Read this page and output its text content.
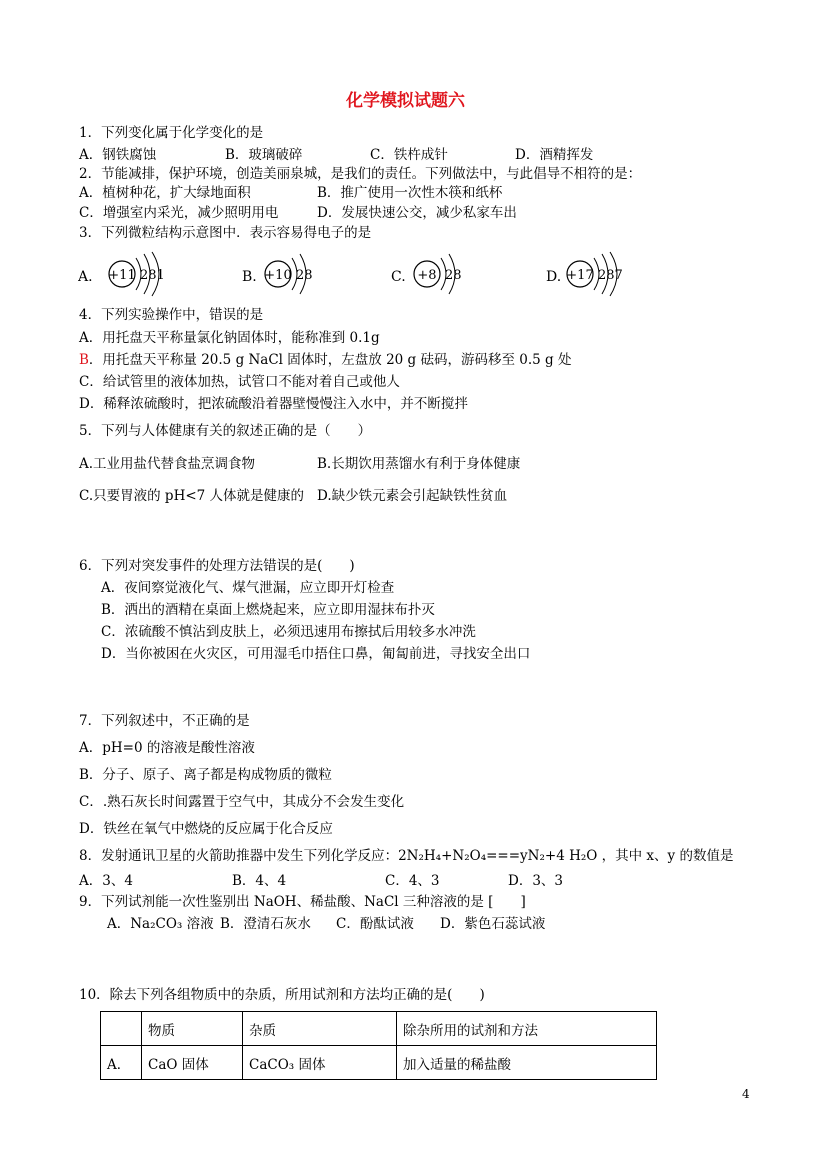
化学模拟试题六
1．下列变化属于化学变化的是
A．钢铁腐蚀	B．玻璃破碎	C．铁杵成针	D．酒精挥发
2．节能减排，保护环境，创造美丽泉城，是我们的责任。下列做法中，与此倡导不相符的是：
A．植树种花，扩大绿地面积	B．推广使用一次性木筷和纸杯
C．增强室内采光，减少照明用电	D．发展快速公交，减少私家车出
3．下列微粒结构示意图中．表示容易得电子的是
A. +11 281	B. +10 28	C. +8 28	D. +17 287
4．下列实验操作中，错误的是
A．用托盘天平称量氯化钠固体时，能称准到 0.1g
B．用托盘天平称量 20.5 g NaCl 固体时，左盘放 20 g 砝码，游码移至 0.5 g 处
C．给试管里的液体加热，试管口不能对着自己或他人
D．稀释浓硫酸时，把浓硫酸沿着器壁慢慢注入水中，并不断搅拌
5．下列与人体健康有关的叙述正确的是（　　）
A.工业用盐代替食盐烹调食物	B.长期饮用蒸馏水有利于身体健康
C.只要胃液的 pH<7 人体就是健康的 D.缺少铁元素会引起缺铁性贫血
6．下列对突发事件的处理方法错误的是(　　)
A．夜间察觉液化气、煤气泄漏，应立即开灯检查
B．洒出的酒精在桌面上燃烧起来，应立即用湿抹布扑灭
C．浓硫酸不慎沾到皮肤上，必须迅速用布擦拭后用较多水冲洗
D．当你被困在火灾区，可用湿毛巾捂住口鼻，匍匐前进，寻找安全出口
7．下列叙述中，不正确的是
A．pH=0 的溶液是酸性溶液
B．分子、原子、离子都是构成物质的微粒
C．.熟石灰长时间露置于空气中，其成分不会发生变化
D．铁丝在氧气中燃烧的反应属于化合反应
8．发射通讯卫星的火箭助推器中发生下列化学反应：2N₂H₄+N₂O₄===yN₂+4 H₂O ，其中 x、y 的数值是
A．3、4	B．4、4	C．4、3	D．3、3
9．下列试剂能一次性鉴别出 NaOH、稀盐酸、NaCl 三种溶液的是 [　　]
A．Na₂CO₃ 溶液 B．澄清石灰水 C．酚酞试液 D．紫色石蕊试液
10．除去下列各组物质中的杂质，所用试剂和方法均正确的是(　　)
	物质	杂质	除杂所用的试剂和方法
A．	CaO 固体	CaCO₃ 固体	加入适量的稀盐酸
4
